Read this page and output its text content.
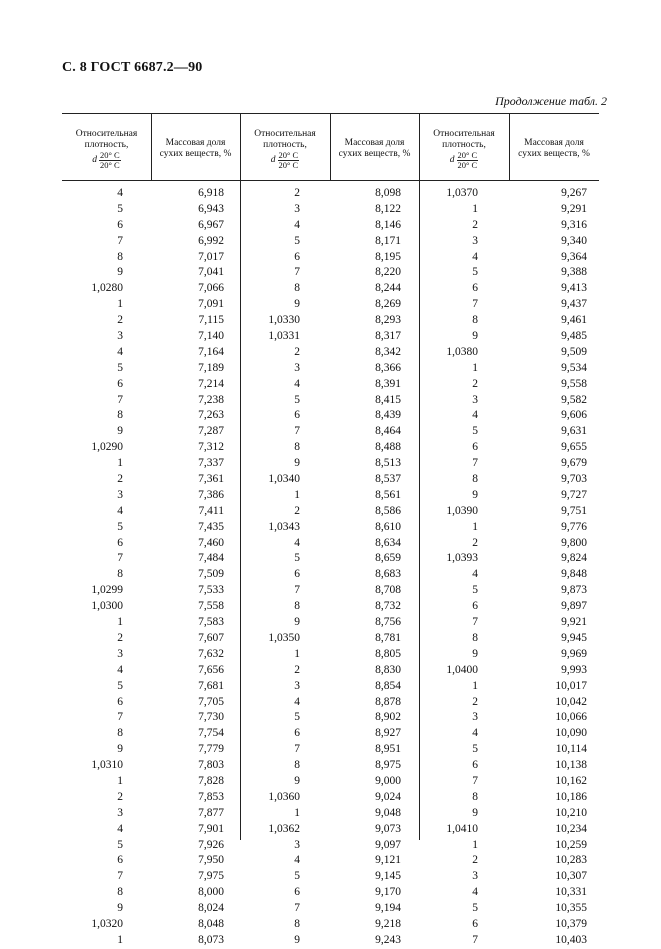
С. 8 ГОСТ 6687.2—90
Продолжение табл. 2
Относительная
плотность,
d 20° C
20° C
Массовая доля
сухих веществ, %
Относительная
плотность,
d 20° C
20° C
Массовая доля
сухих веществ, %
Относительная
плотность,
d 20° C
20° C
Массовая доля
сухих веществ, %
4
5
6
7
8
9
1,0280
1
2
3
4
5
6
7
8
9
1,0290
1
2
3
4
5
6
7
8
1,0299
1,0300
1
2
3
4
5
6
7
8
9
1,0310
1
2
3
4
5
6
7
8
9
1,0320
1
6,918
6,943
6,967
6,992
7,017
7,041
7,066
7,091
7,115
7,140
7,164
7,189
7,214
7,238
7,263
7,287
7,312
7,337
7,361
7,386
7,411
7,435
7,460
7,484
7,509
7,533
7,558
7,583
7,607
7,632
7,656
7,681
7,705
7,730
7,754
7,779
7,803
7,828
7,853
7,877
7,901
7,926
7,950
7,975
8,000
8,024
8,048
8,073
2
3
4
5
6
7
8
9
1,0330
1,0331
2
3
4
5
6
7
8
9
1,0340
1
2
1,0343
4
5
6
7
8
9
1,0350
1
2
3
4
5
6
7
8
9
1,0360
1
1,0362
3
4
5
6
7
8
9
8,098
8,122
8,146
8,171
8,195
8,220
8,244
8,269
8,293
8,317
8,342
8,366
8,391
8,415
8,439
8,464
8,488
8,513
8,537
8,561
8,586
8,610
8,634
8,659
8,683
8,708
8,732
8,756
8,781
8,805
8,830
8,854
8,878
8,902
8,927
8,951
8,975
9,000
9,024
9,048
9,073
9,097
9,121
9,145
9,170
9,194
9,218
9,243
1,0370
1
2
3
4
5
6
7
8
9
1,0380
1
2
3
4
5
6
7
8
9
1,0390
1
2
1,0393
4
5
6
7
8
9
1,0400
1
2
3
4
5
6
7
8
9
1,0410
1
2
3
4
5
6
7
9,267
9,291
9,316
9,340
9,364
9,388
9,413
9,437
9,461
9,485
9,509
9,534
9,558
9,582
9,606
9,631
9,655
9,679
9,703
9,727
9,751
9,776
9,800
9,824
9,848
9,873
9,897
9,921
9,945
9,969
9,993
10,017
10,042
10,066
10,090
10,114
10,138
10,162
10,186
10,210
10,234
10,259
10,283
10,307
10,331
10,355
10,379
10,403
